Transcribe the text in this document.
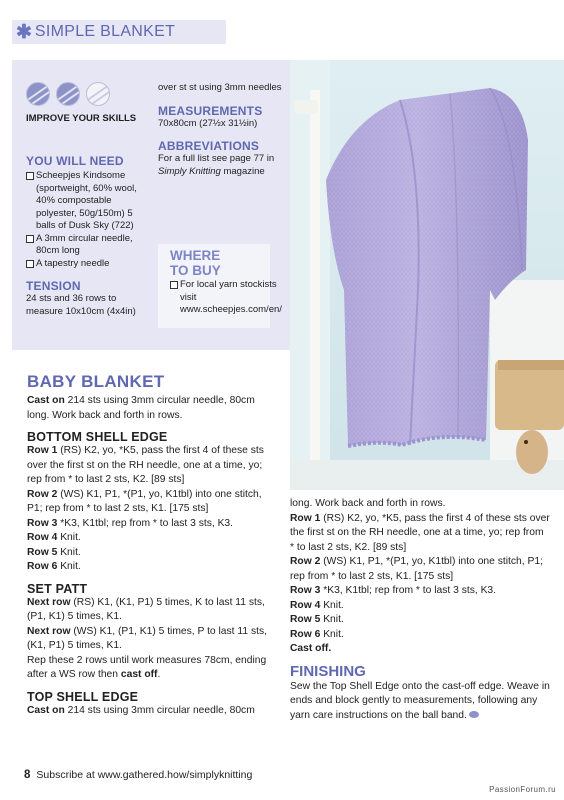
✱ SIMPLE BLANKET
IMPROVE YOUR SKILLS
YOU WILL NEED
Scheepjes Kindsome (sportweight, 60% wool, 40% compostable polyester, 50g/150m) 5 balls of Dusk Sky (722)
A 3mm circular needle, 80cm long
A tapestry needle
TENSION
24 sts and 36 rows to measure 10x10cm (4x4in)
over st st using 3mm needles
MEASUREMENTS
70x80cm (27½x 31½in)
ABBREVIATIONS
For a full list see page 77 in Simply Knitting magazine
WHERE
TO BUY
For local yarn stockists visit www.scheepjes.com/en/
BABY BLANKET
Cast on 214 sts using 3mm circular needle, 80cm long. Work back and forth in rows.
BOTTOM SHELL EDGE
Row 1 (RS) K2, yo, *K5, pass the first 4 of these sts over the first st on the RH needle, one at a time, yo; rep from * to last 2 sts, K2. [89 sts]
Row 2 (WS) K1, P1, *(P1, yo, K1tbl) into one stitch, P1; rep from * to last 2 sts, K1. [175 sts]
Row 3 *K3, K1tbl; rep from * to last 3 sts, K3.
Row 4 Knit.
Row 5 Knit.
Row 6 Knit.
SET PATT
Next row (RS) K1, (K1, P1) 5 times, K to last 11 sts, (P1, K1) 5 times, K1.
Next row (WS) K1, (P1, K1) 5 times, P to last 11 sts, (K1, P1) 5 times, K1.
Rep these 2 rows until work measures 78cm, ending after a WS row then cast off.
TOP SHELL EDGE
Cast on 214 sts using 3mm circular needle, 80cm
long. Work back and forth in rows.
Row 1 (RS) K2, yo, *K5, pass the first 4 of these sts over the first st on the RH needle, one at a time, yo; rep from * to last 2 sts, K2. [89 sts]
Row 2 (WS) K1, P1, *(P1, yo, K1tbl) into one stitch, P1; rep from * to last 2 sts, K1. [175 sts]
Row 3 *K3, K1tbl; rep from * to last 3 sts, K3.
Row 4 Knit.
Row 5 Knit.
Row 6 Knit.
Cast off.
FINISHING
Sew the Top Shell Edge onto the cast-off edge. Weave in ends and block gently to measurements, following any yarn care instructions on the ball band.
8 Subscribe at www.gathered.how/simplyknitting
PassionForum.ru
